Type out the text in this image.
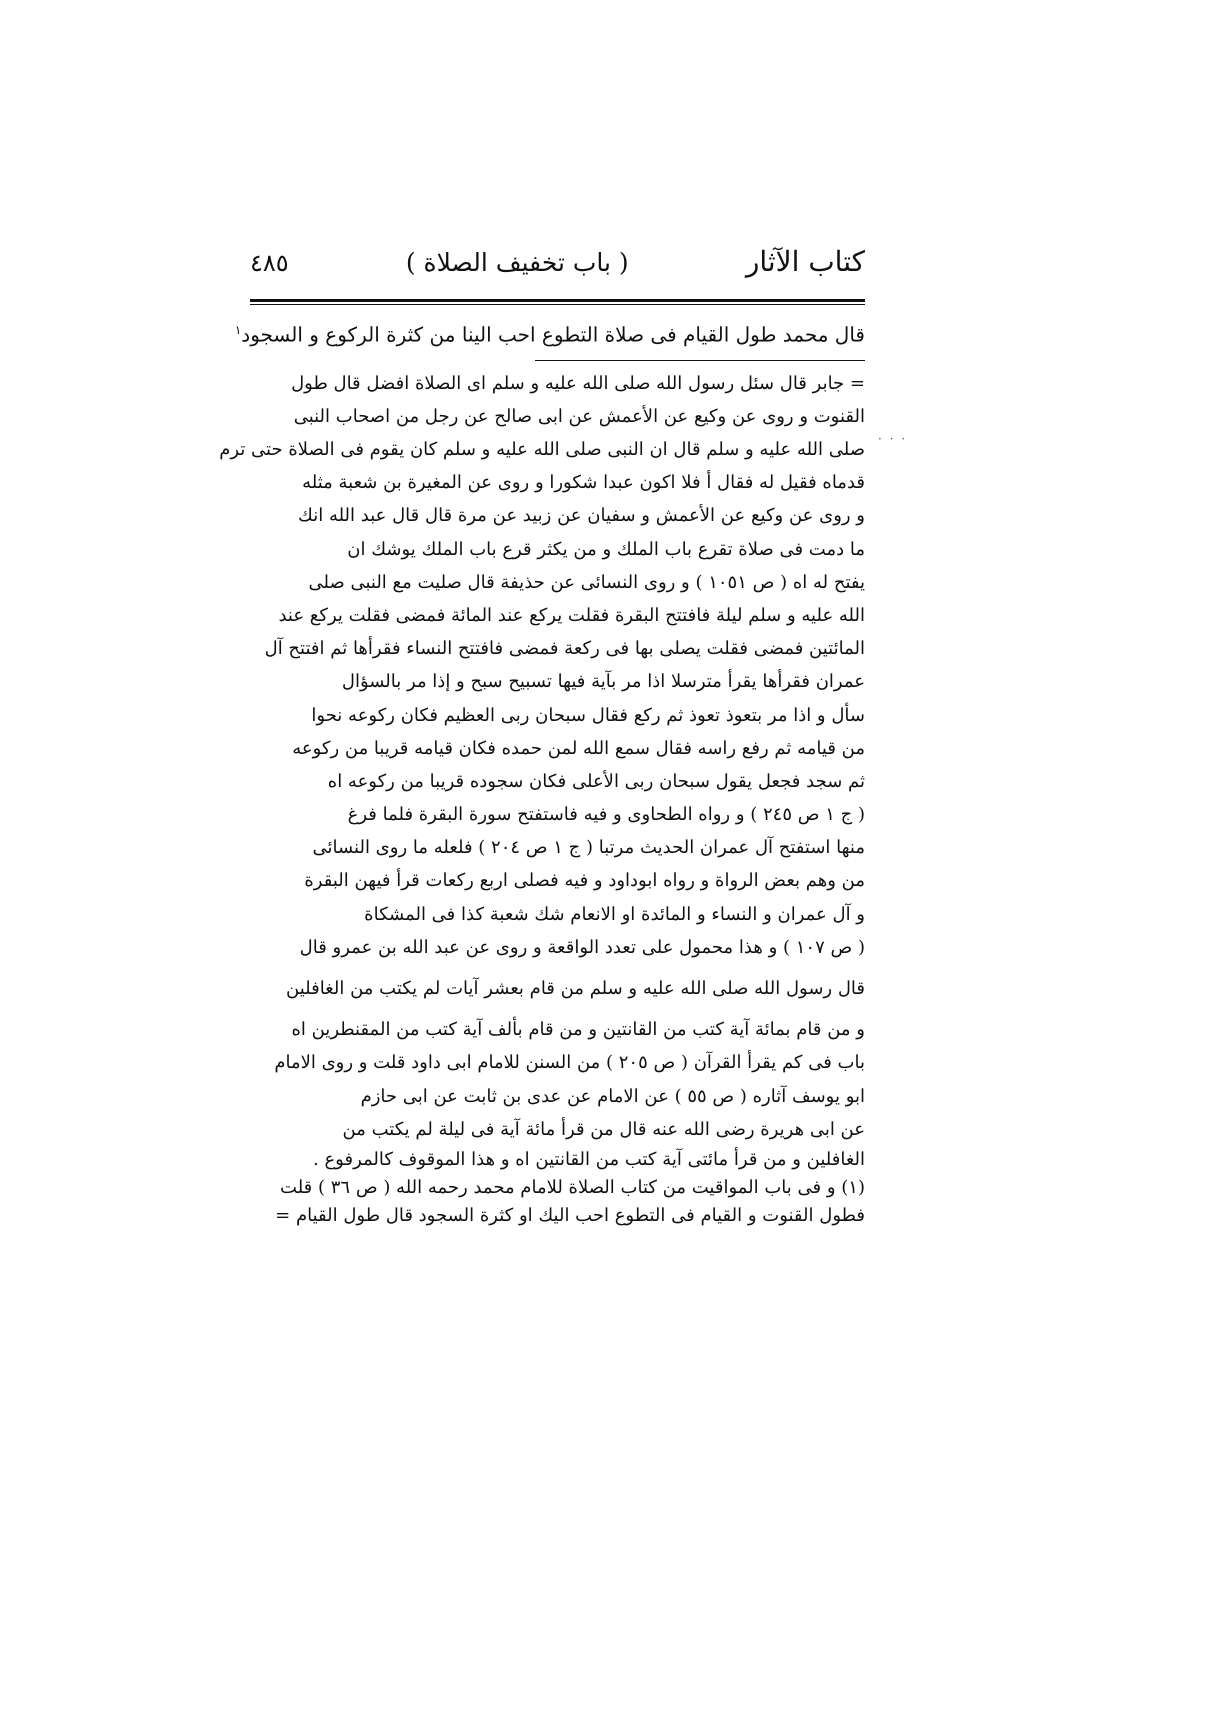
كتاب الآثار
( باب تخفيف الصلاة )
٤٨٥
قال محمد طول القيام فى صلاة التطوع احب الينا من كثرة الركوع و السجود$^١$
= جابر قال سئل رسول الله صلى الله عليه و سلم اى الصلاة افضل قال طول
القنوت و روى عن وكيع عن الأعمش عن ابى صالح عن رجل من اصحاب النبى
صلى الله عليه و سلم قال ان النبى صلى الله عليه و سلم كان يقوم فى الصلاة حتى ترم
قدماه فقيل له فقال أ فلا اكون عبدا شكورا و روى عن المغيرة بن شعبة مثله
و روى عن وكيع عن الأعمش و سفيان عن زبيد عن مرة قال قال عبد الله انك
ما دمت فى صلاة تقرع باب الملك و من يكثر قرع باب الملك يوشك ان
يفتح له اه ( ص ١٠٥١ ) و روى النسائى عن حذيفة قال صليت مع النبى صلى
الله عليه و سلم ليلة فافتتح البقرة فقلت يركع عند المائة فمضى فقلت يركع عند
المائتين فمضى فقلت يصلى بها فى ركعة فمضى فافتتح النساء فقرأها ثم افتتح آل
عمران فقرأها يقرأ مترسلا اذا مر بآية فيها تسبيح سبح و إذا مر بالسؤال
سأل و اذا مر بتعوذ تعوذ ثم ركع فقال سبحان ربى العظيم فكان ركوعه نحوا
من قيامه ثم رفع راسه فقال سمع الله لمن حمده فكان قيامه قريبا من ركوعه
ثم سجد فجعل يقول سبحان ربى الأعلى فكان سجوده قريبا من ركوعه اه
( ج ١ ص ٢٤٥ ) و رواه الطحاوى و فيه فاستفتح سورة البقرة فلما فرغ
منها استفتح آل عمران الحديث مرتبا ( ج ١ ص ٢٠٤ ) فلعله ما روى النسائى
من وهم بعض الرواة و رواه ابوداود و فيه فصلى اربع ركعات قرأ فيهن البقرة
و آل عمران و النساء و المائدة او الانعام شك شعبة كذا فى المشكاة
( ص ١٠٧ ) و هذا محمول على تعدد الواقعة و روى عن عبد الله بن عمرو قال
قال رسول الله صلى الله عليه و سلم من قام بعشر آيات لم يكتب من الغافلين
و من قام بمائة آية كتب من القانتين و من قام بألف آية كتب من المقنطرين اه
باب فى كم يقرأ القرآن ( ص ٢٠٥ ) من السنن للامام ابى داود قلت و روى الامام
ابو يوسف آثاره ( ص ٥٥ ) عن الامام عن عدى بن ثابت عن ابى حازم
عن ابى هريرة رضى الله عنه قال من قرأ مائة آية فى ليلة لم يكتب من
الغافلين و من قرأ مائتى آية كتب من القانتين اه و هذا الموقوف كالمرفوع .
(١) و فى باب المواقيت من كتاب الصلاة للامام محمد رحمه الله ( ص ٣٦ ) قلت
فطول القنوت و القيام فى التطوع احب اليك او كثرة السجود قال طول القيام =
· · ·
